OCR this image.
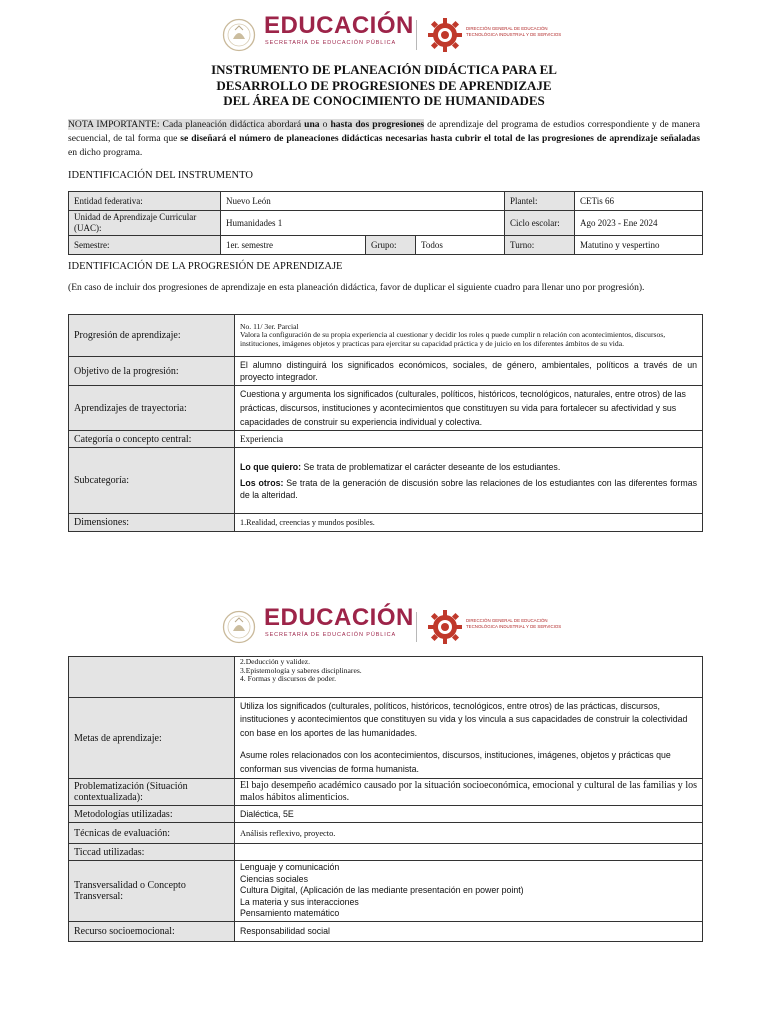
EDUCACIÓN
SECRETARÍA DE EDUCACIÓN PÚBLICA
DIRECCIÓN GENERAL DE EDUCACIÓN
TECNOLÓGICA INDUSTRIAL Y DE SERVICIOS
INSTRUMENTO DE PLANEACIÓN DIDÁCTICA PARA EL
DESARROLLO DE PROGRESIONES DE APRENDIZAJE
DEL ÁREA DE CONOCIMIENTO DE HUMANIDADES
NOTA IMPORTANTE: Cada planeación didáctica abordará una o hasta dos progresiones de aprendizaje del programa de estudios correspondiente y de manera secuencial, de tal forma que se diseñará el número de planeaciones didácticas necesarias hasta cubrir el total de las progresiones de aprendizaje señaladas en dicho programa.
IDENTIFICACIÓN DEL INSTRUMENTO
Entidad federativa:	Nuevo León			Plantel:	CETis 66
Unidad de Aprendizaje Curricular (UAC):	Humanidades 1			Ciclo escolar:	Ago 2023 - Ene 2024
Semestre:	1er. semestre	Grupo:	Todos	Turno:	Matutino y vespertino
IDENTIFICACIÓN DE LA PROGRESIÓN DE APRENDIZAJE
(En caso de incluir dos progresiones de aprendizaje en esta planeación didáctica, favor de duplicar el siguiente cuadro para llenar uno por progresión).
Progresión de aprendizaje:	No. 11/ 3er. Parcial
Valora la configuración de su propia experiencia al cuestionar y decidir los roles q puede cumplir n relación con acontecimientos, discursos, instituciones, imágenes objetos y practicas para ejercitar su capacidad práctica y de juicio en los diferentes ámbitos de su vida.

Objetivo de la progresión:	El alumno distinguirá los significados económicos, sociales, de género, ambientales, políticos a través de un proyecto integrador.
Aprendizajes de trayectoria:	Cuestiona y argumenta los significados (culturales, políticos, históricos, tecnológicos, naturales, entre otros) de las prácticas, discursos, instituciones y acontecimientos que constituyen su vida para fortalecer su afectividad y sus capacidades de construir su experiencia individual y colectiva.
Categoría o concepto central:	Experiencia
Subcategoría:	Lo que quiero: Se trata de problematizar el carácter deseante de los estudiantes.
Los otros: Se trata de la generación de discusión sobre las relaciones de los estudiantes con las diferentes formas de la alteridad.

Dimensiones:	1.Realidad, creencias y mundos posibles.
EDUCACIÓN
SECRETARÍA DE EDUCACIÓN PÚBLICA
DIRECCIÓN GENERAL DE EDUCACIÓN
TECNOLÓGICA INDUSTRIAL Y DE SERVICIOS

	2.Deducción y validez.
3.Epistemología y saberes disciplinares.
4. Formas y discursos de poder.

Metas de aprendizaje:	Utiliza los significados (culturales, políticos, históricos, tecnológicos, entre otros) de las prácticas, discursos, instituciones y acontecimientos que constituyen su vida y los vincula a sus capacidades de construir la colectividad con base en los aportes de las humanidades.
Asume roles relacionados con los acontecimientos, discursos, instituciones, imágenes, objetos y prácticas que conforman sus vivencias de forma humanista.

Problematización (Situación contextualizada):	El bajo desempeño académico causado por la situación socioeconómica, emocional y cultural de las familias y los malos hábitos alimenticios.
Metodologías utilizadas:	Dialéctica, 5E
Técnicas de evaluación:	Análisis reflexivo, proyecto.
Ticcad utilizadas:	
Transversalidad o Concepto Transversal:	Lenguaje y comunicación
Ciencias sociales
Cultura Digital, (Aplicación de las mediante presentación en power point)
La materia y sus interacciones
Pensamiento matemático

Recurso socioemocional:	Responsabilidad social
